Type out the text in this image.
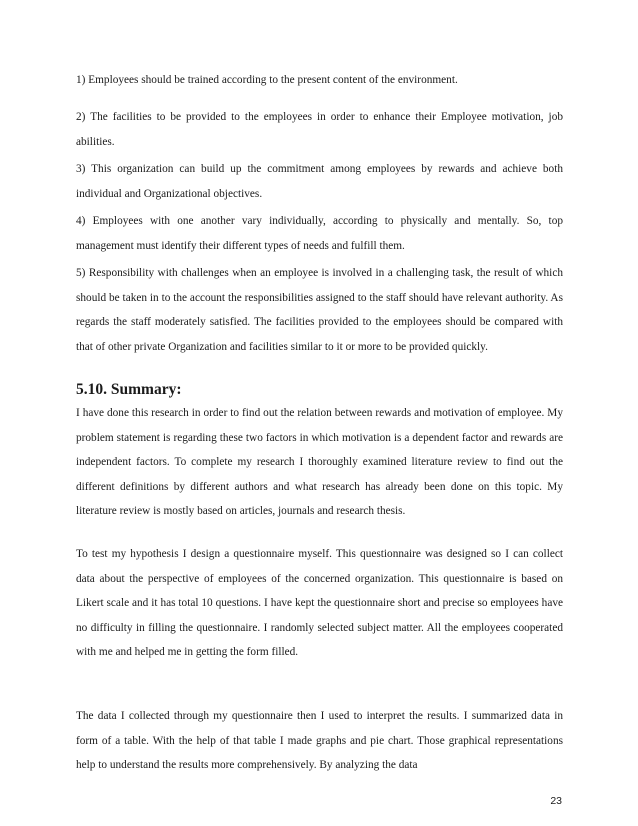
1) Employees should be trained according to the present content of the environment.

2) The facilities to be provided to the employees in order to enhance their Employee motivation, job abilities.

3) This organization can build up the commitment among employees by rewards and achieve both individual and Organizational objectives.

4) Employees with one another vary individually, according to physically and mentally. So, top management must identify their different types of needs and fulfill them.

5) Responsibility with challenges when an employee is involved in a challenging task, the result of which should be taken in to the account the responsibilities assigned to the staff should have relevant authority. As regards the staff moderately satisfied. The facilities provided to the employees should be compared with that of other private Organization and facilities similar to it or more to be provided quickly.

5.10. Summary:

I have done this research in order to find out the relation between rewards and motivation of employee. My problem statement is regarding these two factors in which motivation is a dependent factor and rewards are independent factors. To complete my research I thoroughly examined literature review to find out the different definitions by different authors and what research has already been done on this topic. My literature review is mostly based on articles, journals and research thesis.

To test my hypothesis I design a questionnaire myself. This questionnaire was designed so I can collect data about the perspective of employees of the concerned organization. This questionnaire is based on Likert scale and it has total 10 questions. I have kept the questionnaire short and precise so employees have no difficulty in filling the questionnaire. I randomly selected subject matter. All the employees cooperated with me and helped me in getting the form filled.

The data I collected through my questionnaire then I used to interpret the results. I summarized data in form of a table. With the help of that table I made graphs and pie chart. Those graphical representations help to understand the results more comprehensively. By analyzing the data

23
